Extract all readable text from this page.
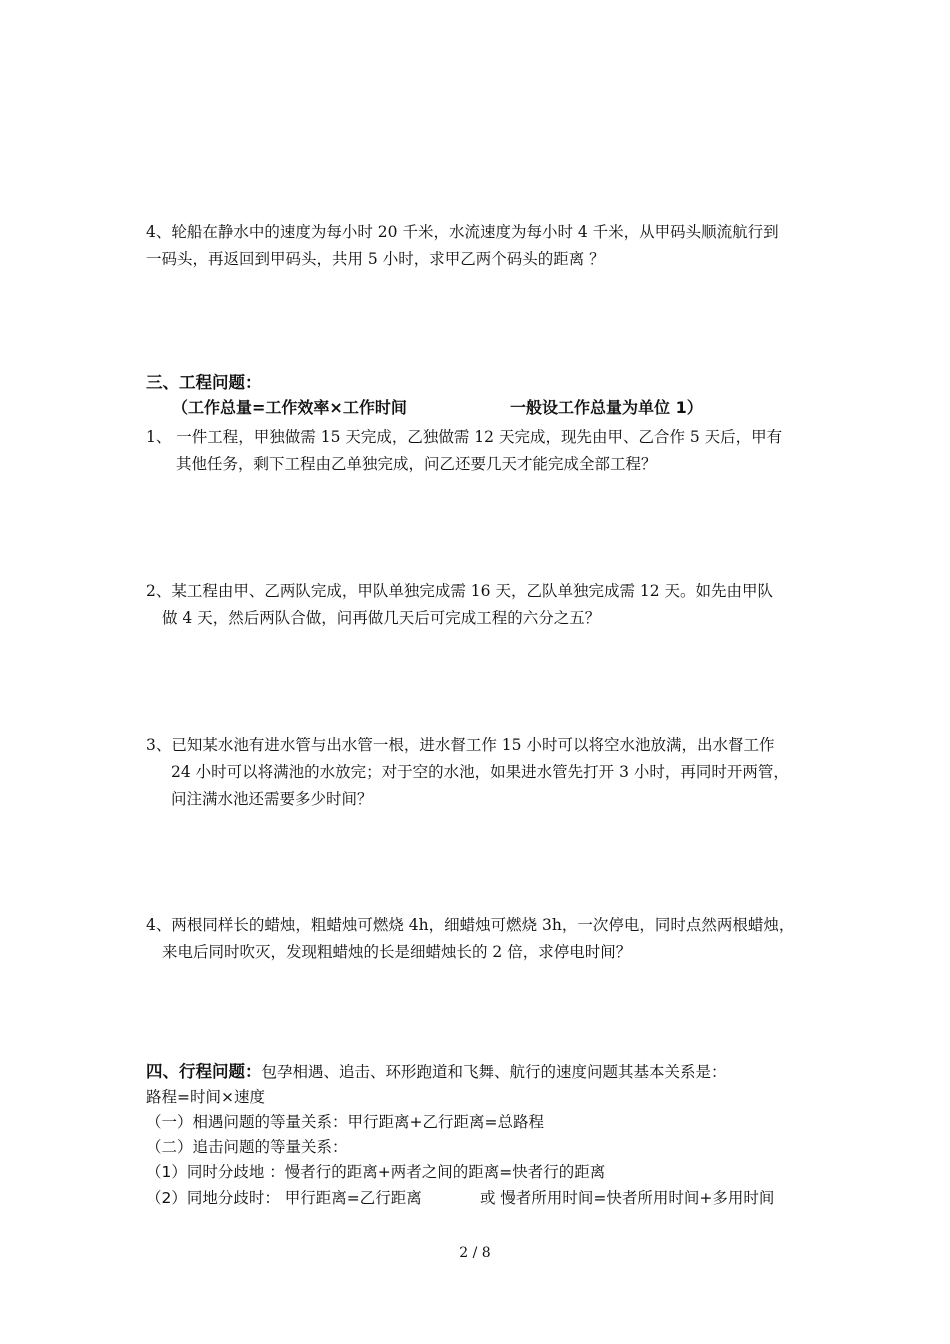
4、轮船在静水中的速度为每小时 20 千米，水流速度为每小时 4 千米，从甲码头顺流航行到
一码头，再返回到甲码头，共用 5 小时，求甲乙两个码头的距离 ？
三、工程问题：
（工作总量=工作效率×工作时间	一般设工作总量为单位 1）
1、 一件工程，甲独做需 15 天完成，乙独做需 12 天完成，现先由甲、乙合作 5 天后，甲有
其他任务，剩下工程由乙单独完成，问乙还要几天才能完成全部工程？
2、某工程由甲、乙两队完成，甲队单独完成需 16 天，乙队单独完成需 12 天。如先由甲队
做 4 天，然后两队合做，问再做几天后可完成工程的六分之五？
3、已知某水池有进水管与出水管一根，进水督工作 15 小时可以将空水池放满，出水督工作
24 小时可以将满池的水放完；对于空的水池，如果进水管先打开 3 小时，再同时开两管，
问注满水池还需要多少时间？
4、两根同样长的蜡烛，粗蜡烛可燃烧 4h，细蜡烛可燃烧 3h，一次停电，同时点然两根蜡烛，
来电后同时吹灭，发现粗蜡烛的长是细蜡烛长的 2 倍，求停电时间？
四、行程问题：包孕相遇、追击、环形跑道和飞舞、航行的速度问题其基本关系是：
路程=时间×速度
（一）相遇问题的等量关系：甲行距离+乙行距离=总路程
（二）追击问题的等量关系：
（1）同时分歧地 ：慢者行的距离+两者之间的距离=快者行的距离
（2）同地分歧时： 甲行距离=乙行距离	或 慢者所用时间=快者所用时间+多用时间
2 / 8
